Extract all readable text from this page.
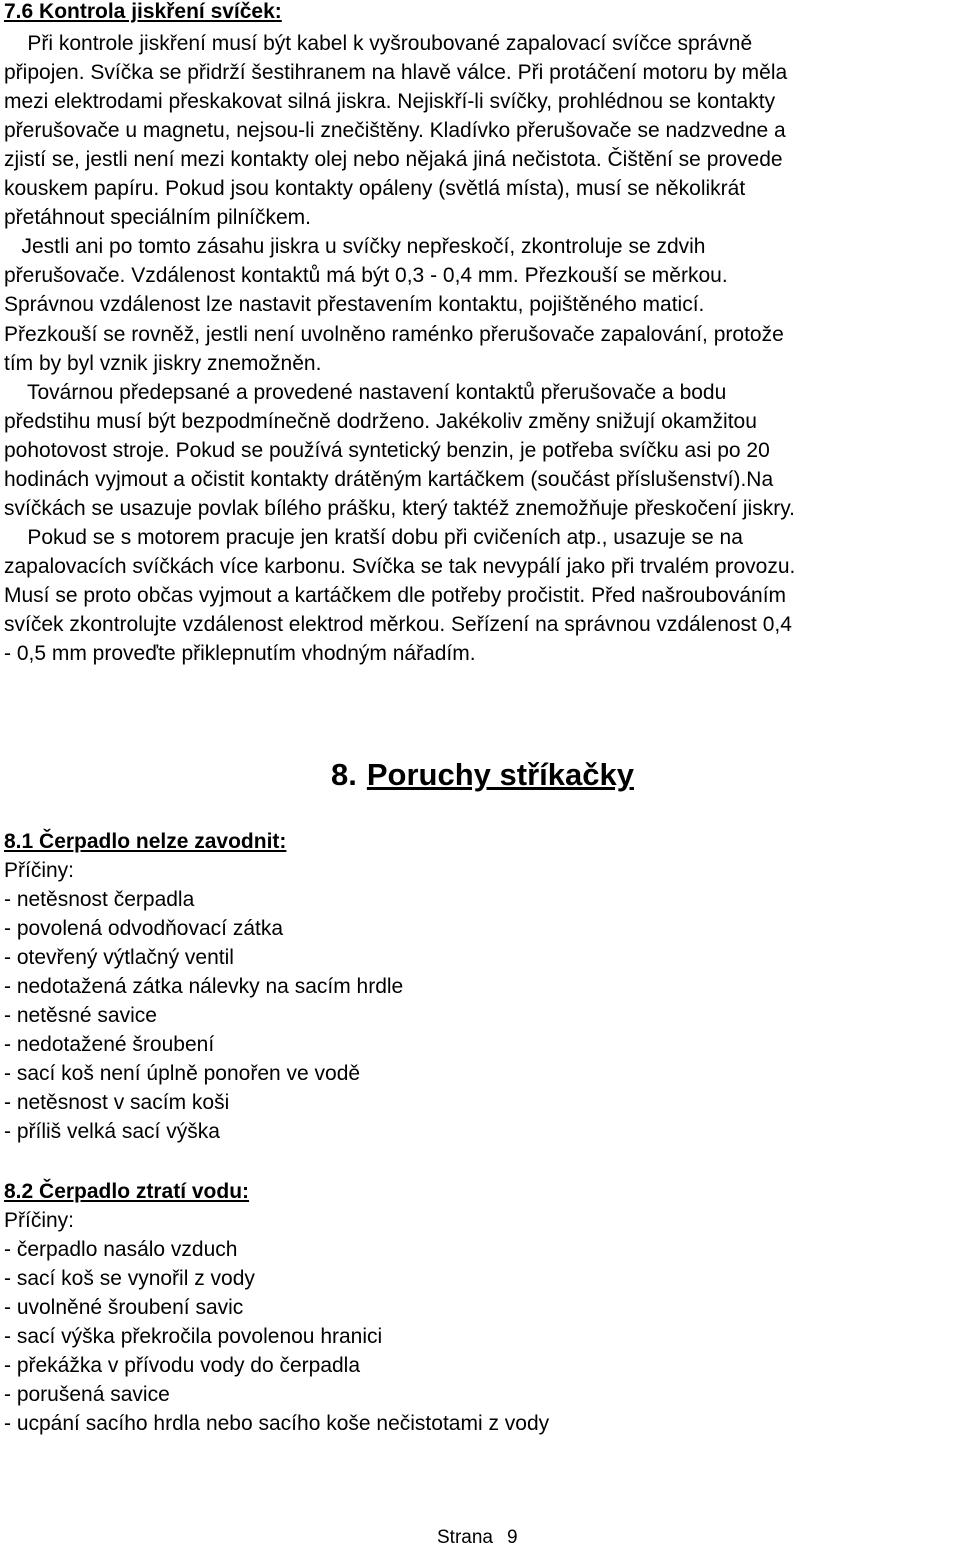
7.6 Kontrola jiskření svíček:
Při kontrole jiskření musí být kabel k vyšroubované zapalovací svíčce správně
připojen. Svíčka se přidrží šestihranem na hlavě válce. Při protáčení motoru by měla
mezi elektrodami přeskakovat silná jiskra. Nejiskří-li svíčky, prohlédnou se kontakty
přerušovače u magnetu, nejsou-li znečištěny. Kladívko přerušovače se nadzvedne a
zjistí se, jestli není mezi kontakty olej nebo nějaká jiná nečistota. Čištění se provede
kouskem papíru. Pokud jsou kontakty opáleny (světlá místa), musí se několikrát
přetáhnout speciálním pilníčkem.
Jestli ani po tomto zásahu jiskra u svíčky nepřeskočí, zkontroluje se zdvih
přerušovače. Vzdálenost kontaktů má být 0,3 - 0,4 mm. Přezkouší se měrkou.
Správnou vzdálenost lze nastavit přestavením kontaktu, pojištěného maticí.
Přezkouší se rovněž, jestli není uvolněno raménko přerušovače zapalování, protože
tím by byl vznik jiskry znemožněn.
Továrnou předepsané a provedené nastavení kontaktů přerušovače a bodu
předstihu musí být bezpodmínečně dodrženo. Jakékoliv změny snižují okamžitou
pohotovost stroje. Pokud se používá syntetický benzin, je potřeba svíčku asi po 20
hodinách vyjmout a očistit kontakty drátěným kartáčkem (součást příslušenství).Na
svíčkách se usazuje povlak bílého prášku, který taktéž znemožňuje přeskočení jiskry.
Pokud se s motorem pracuje jen kratší dobu při cvičeních atp., usazuje se na
zapalovacích svíčkách více karbonu. Svíčka se tak nevypálí jako při trvalém provozu.
Musí se proto občas vyjmout a kartáčkem dle potřeby pročistit. Před našroubováním
svíček zkontrolujte vzdálenost elektrod měrkou. Seřízení na správnou vzdálenost 0,4
- 0,5 mm proveďte přiklepnutím vhodným nářadím.
8. Poruchy stříkačky
8.1 Čerpadlo nelze zavodnit:
Příčiny:
- netěsnost čerpadla
- povolená odvodňovací zátka
- otevřený výtlačný ventil
- nedotažená zátka nálevky na sacím hrdle
- netěsné savice
- nedotažené šroubení
- sací koš není úplně ponořen ve vodě
- netěsnost v sacím koši
- příliš velká sací výška
8.2 Čerpadlo ztratí vodu:
Příčiny:
- čerpadlo nasálo vzduch
- sací koš se vynořil z vody
- uvolněné šroubení savic
- sací výška překročila povolenou hranici
- překážka v přívodu vody do čerpadla
- porušená savice
- ucpání sacího hrdla nebo sacího koše nečistotami z vody
Strana 9
